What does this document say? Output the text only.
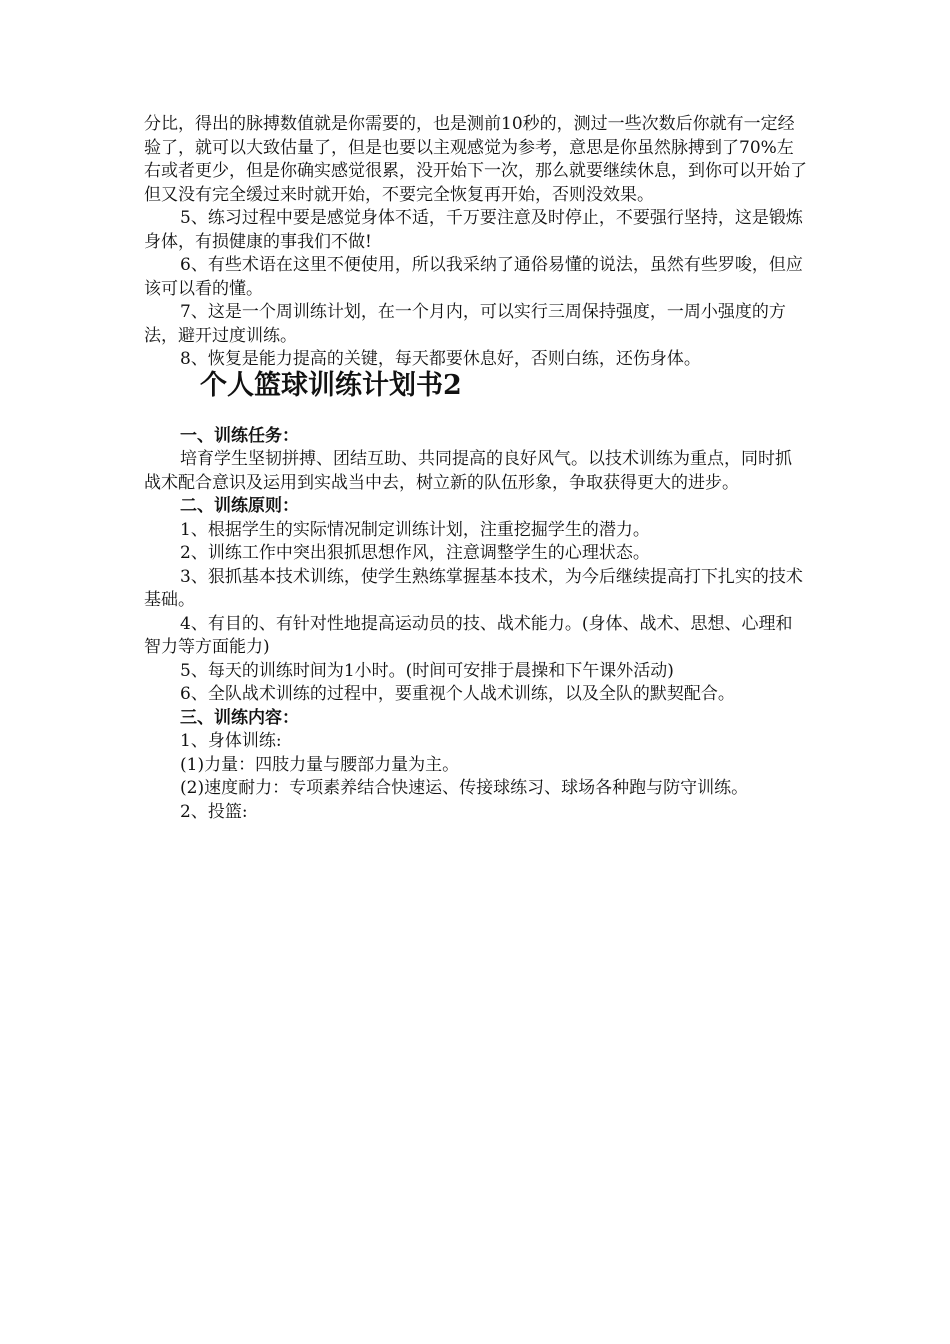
分比，得出的脉搏数值就是你需要的，也是测前10秒的，测过一些次数后你就有一定经验了，就可以大致估量了，但是也要以主观感觉为参考，意思是你虽然脉搏到了70%左右或者更少，但是你确实感觉很累，没开始下一次，那么就要继续休息，到你可以开始了但又没有完全缓过来时就开始，不要完全恢复再开始，否则没效果。

5、练习过程中要是感觉身体不适，千万要注意及时停止，不要强行坚持，这是锻炼身体，有损健康的事我们不做!

6、有些术语在这里不便使用，所以我采纳了通俗易懂的说法，虽然有些罗唆，但应该可以看的懂。

7、这是一个周训练计划，在一个月内，可以实行三周保持强度，一周小强度的方法，避开过度训练。

8、恢复是能力提高的关键，每天都要休息好，否则白练，还伤身体。

个人篮球训练计划书2

一、训练任务：

培育学生坚韧拼搏、团结互助、共同提高的良好风气。以技术训练为重点，同时抓战术配合意识及运用到实战当中去，树立新的队伍形象，争取获得更大的进步。

二、训练原则：

1、根据学生的实际情况制定训练计划，注重挖掘学生的潜力。

2、训练工作中突出狠抓思想作风，注意调整学生的心理状态。

3、狠抓基本技术训练，使学生熟练掌握基本技术，为今后继续提高打下扎实的技术基础。

4、有目的、有针对性地提高运动员的技、战术能力。(身体、战术、思想、心理和智力等方面能力)

5、每天的训练时间为1小时。(时间可安排于晨操和下午课外活动)

6、全队战术训练的过程中，要重视个人战术训练，以及全队的默契配合。

三、训练内容：

1、身体训练:

(1)力量：四肢力量与腰部力量为主。

(2)速度耐力：专项素养结合快速运、传接球练习、球场各种跑与防守训练。

2、投篮:
